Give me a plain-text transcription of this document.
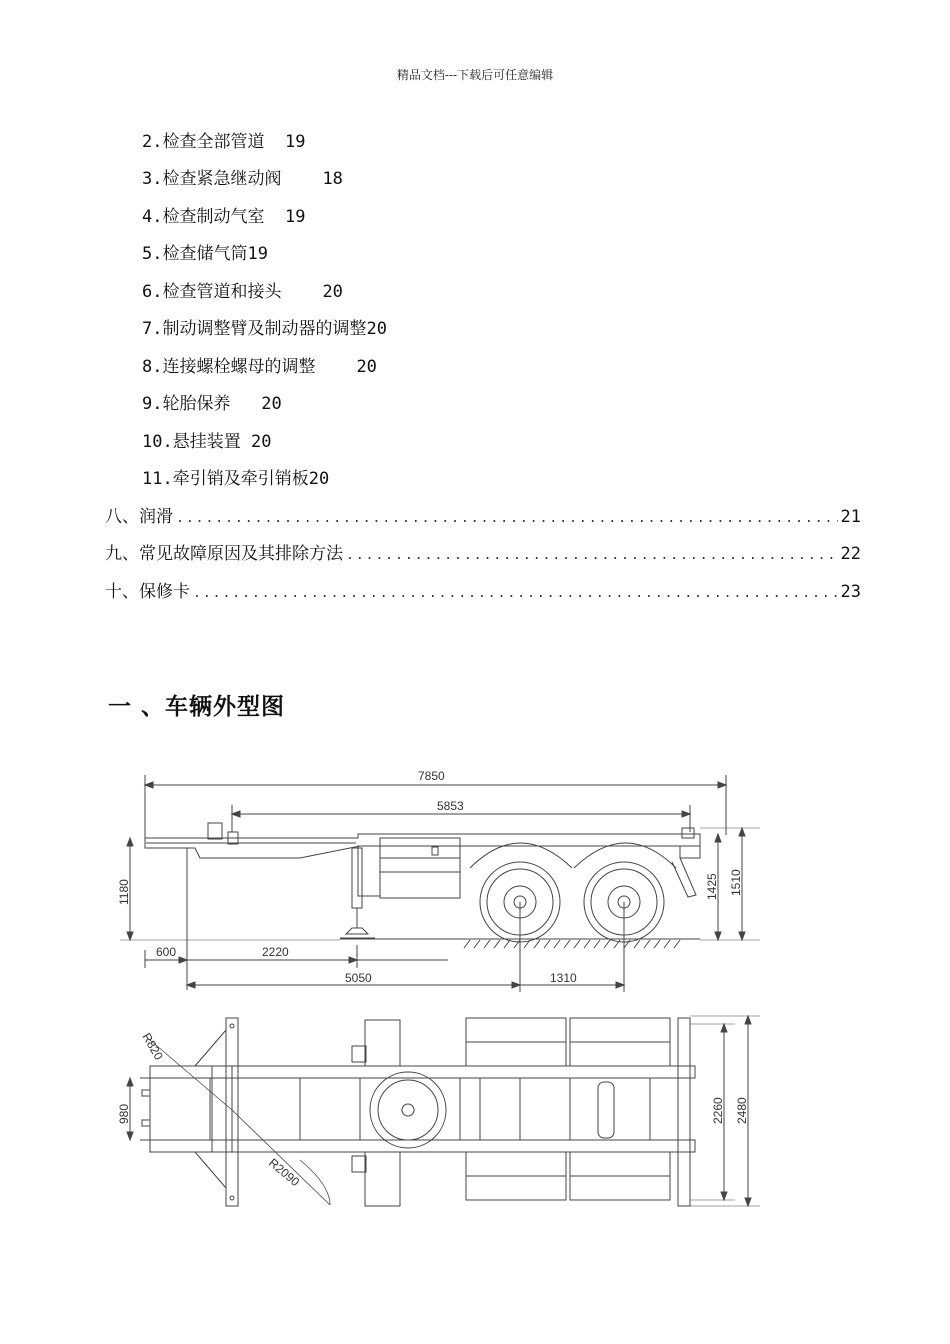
精品文档---下载后可任意编辑
2.检查全部管道 19
3.检查紧急继动阀 18
4.检查制动气室 19
5.检查储气筒19
6.检查管道和接头 20
7.制动调整臂及制动器的调整20
8.连接螺栓螺母的调整 20
9.轮胎保养 20
10.悬挂装置 20
11.牵引销及牵引销板20
八、润滑 .....	21
九、常见故障原因及其排除方法 .....	22
十、保修卡 .....	23
一 、车辆外型图
7850
5853
1180	1425 1510
600	2220
5050	1310
980	2260 2480
R820
R2090
